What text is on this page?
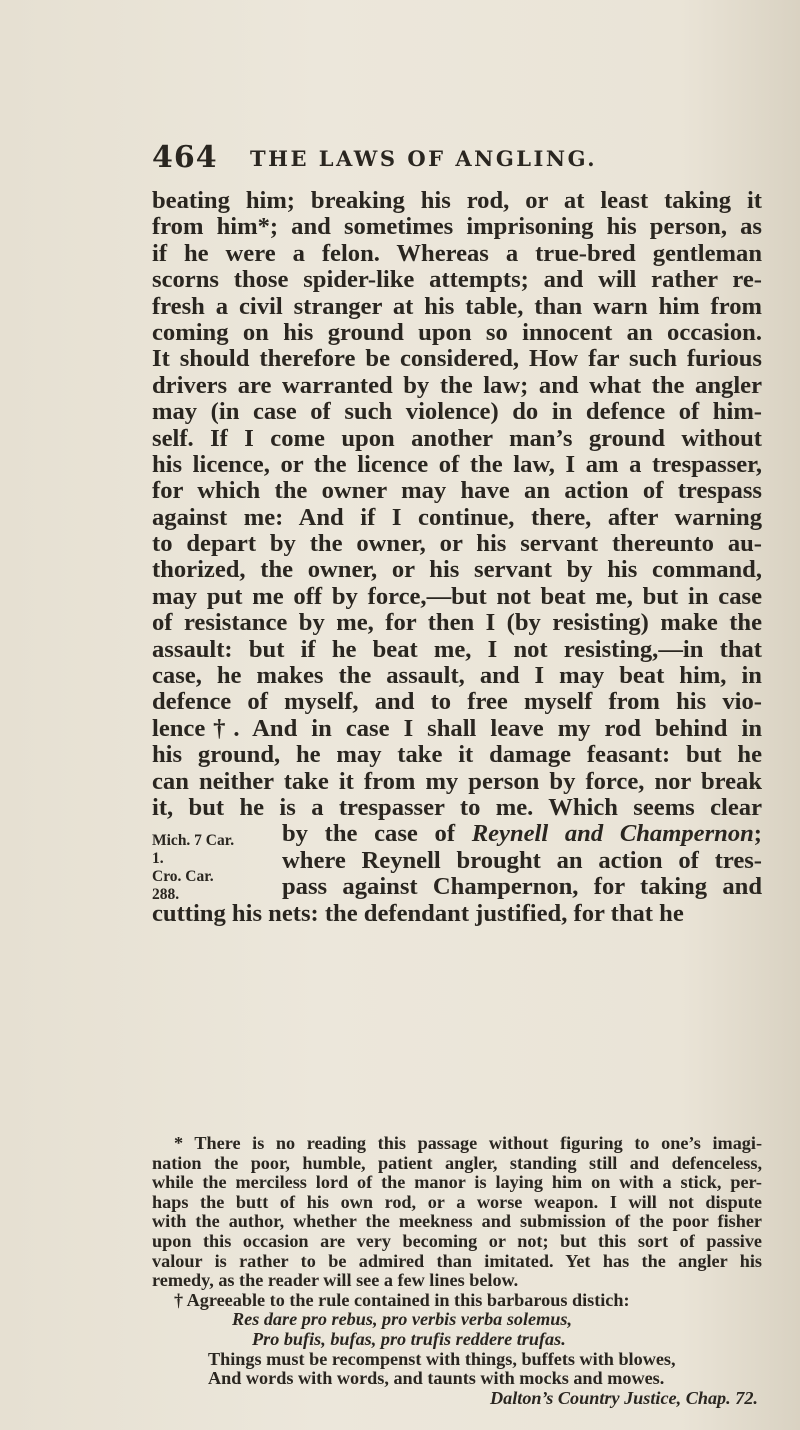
464 THE LAWS OF ANGLING.
beating him; breaking his rod, or at least taking it
from him*; and sometimes imprisoning his person, as
if he were a felon. Whereas a true-bred gentleman
scorns those spider-like attempts; and will rather re-
fresh a civil stranger at his table, than warn him from
coming on his ground upon so innocent an occasion.
It should therefore be considered, How far such furious
drivers are warranted by the law; and what the angler
may (in case of such violence) do in defence of him-
self. If I come upon another man’s ground without
his licence, or the licence of the law, I am a trespasser,
for which the owner may have an action of trespass
against me: And if I continue, there, after warning
to depart by the owner, or his servant thereunto au-
thorized, the owner, or his servant by his command,
may put me off by force,—but not beat me, but in case
of resistance by me, for then I (by resisting) make the
assault: but if he beat me, I not resisting,—in that
case, he makes the assault, and I may beat him, in
defence of myself, and to free myself from his vio-
lence†. And in case I shall leave my rod behind in
his ground, he may take it damage feasant: but he
can neither take it from my person by force, nor break
it, but he is a trespasser to me. Which seems clear
by the case of Reynell and Champernon;
where Reynell brought an action of tres-
pass against Champernon, for taking and
cutting his nets: the defendant justified, for that he
Mich. 7 Car. 1.
Cro. Car. 288.
* There is no reading this passage without figuring to one’s imagi-
nation the poor, humble, patient angler, standing still and defenceless,
while the merciless lord of the manor is laying him on with a stick, per-
haps the butt of his own rod, or a worse weapon. I will not dispute
with the author, whether the meekness and submission of the poor fisher
upon this occasion are very becoming or not; but this sort of passive
valour is rather to be admired than imitated. Yet has the angler his
remedy, as the reader will see a few lines below.
† Agreeable to the rule contained in this barbarous distich:
Res dare pro rebus, pro verbis verba solemus,
Pro bufis, bufas, pro trufis reddere trufas.
Things must be recompenst with things, buffets with blowes,
And words with words, and taunts with mocks and mowes.
Dalton’s Country Justice, Chap. 72.
